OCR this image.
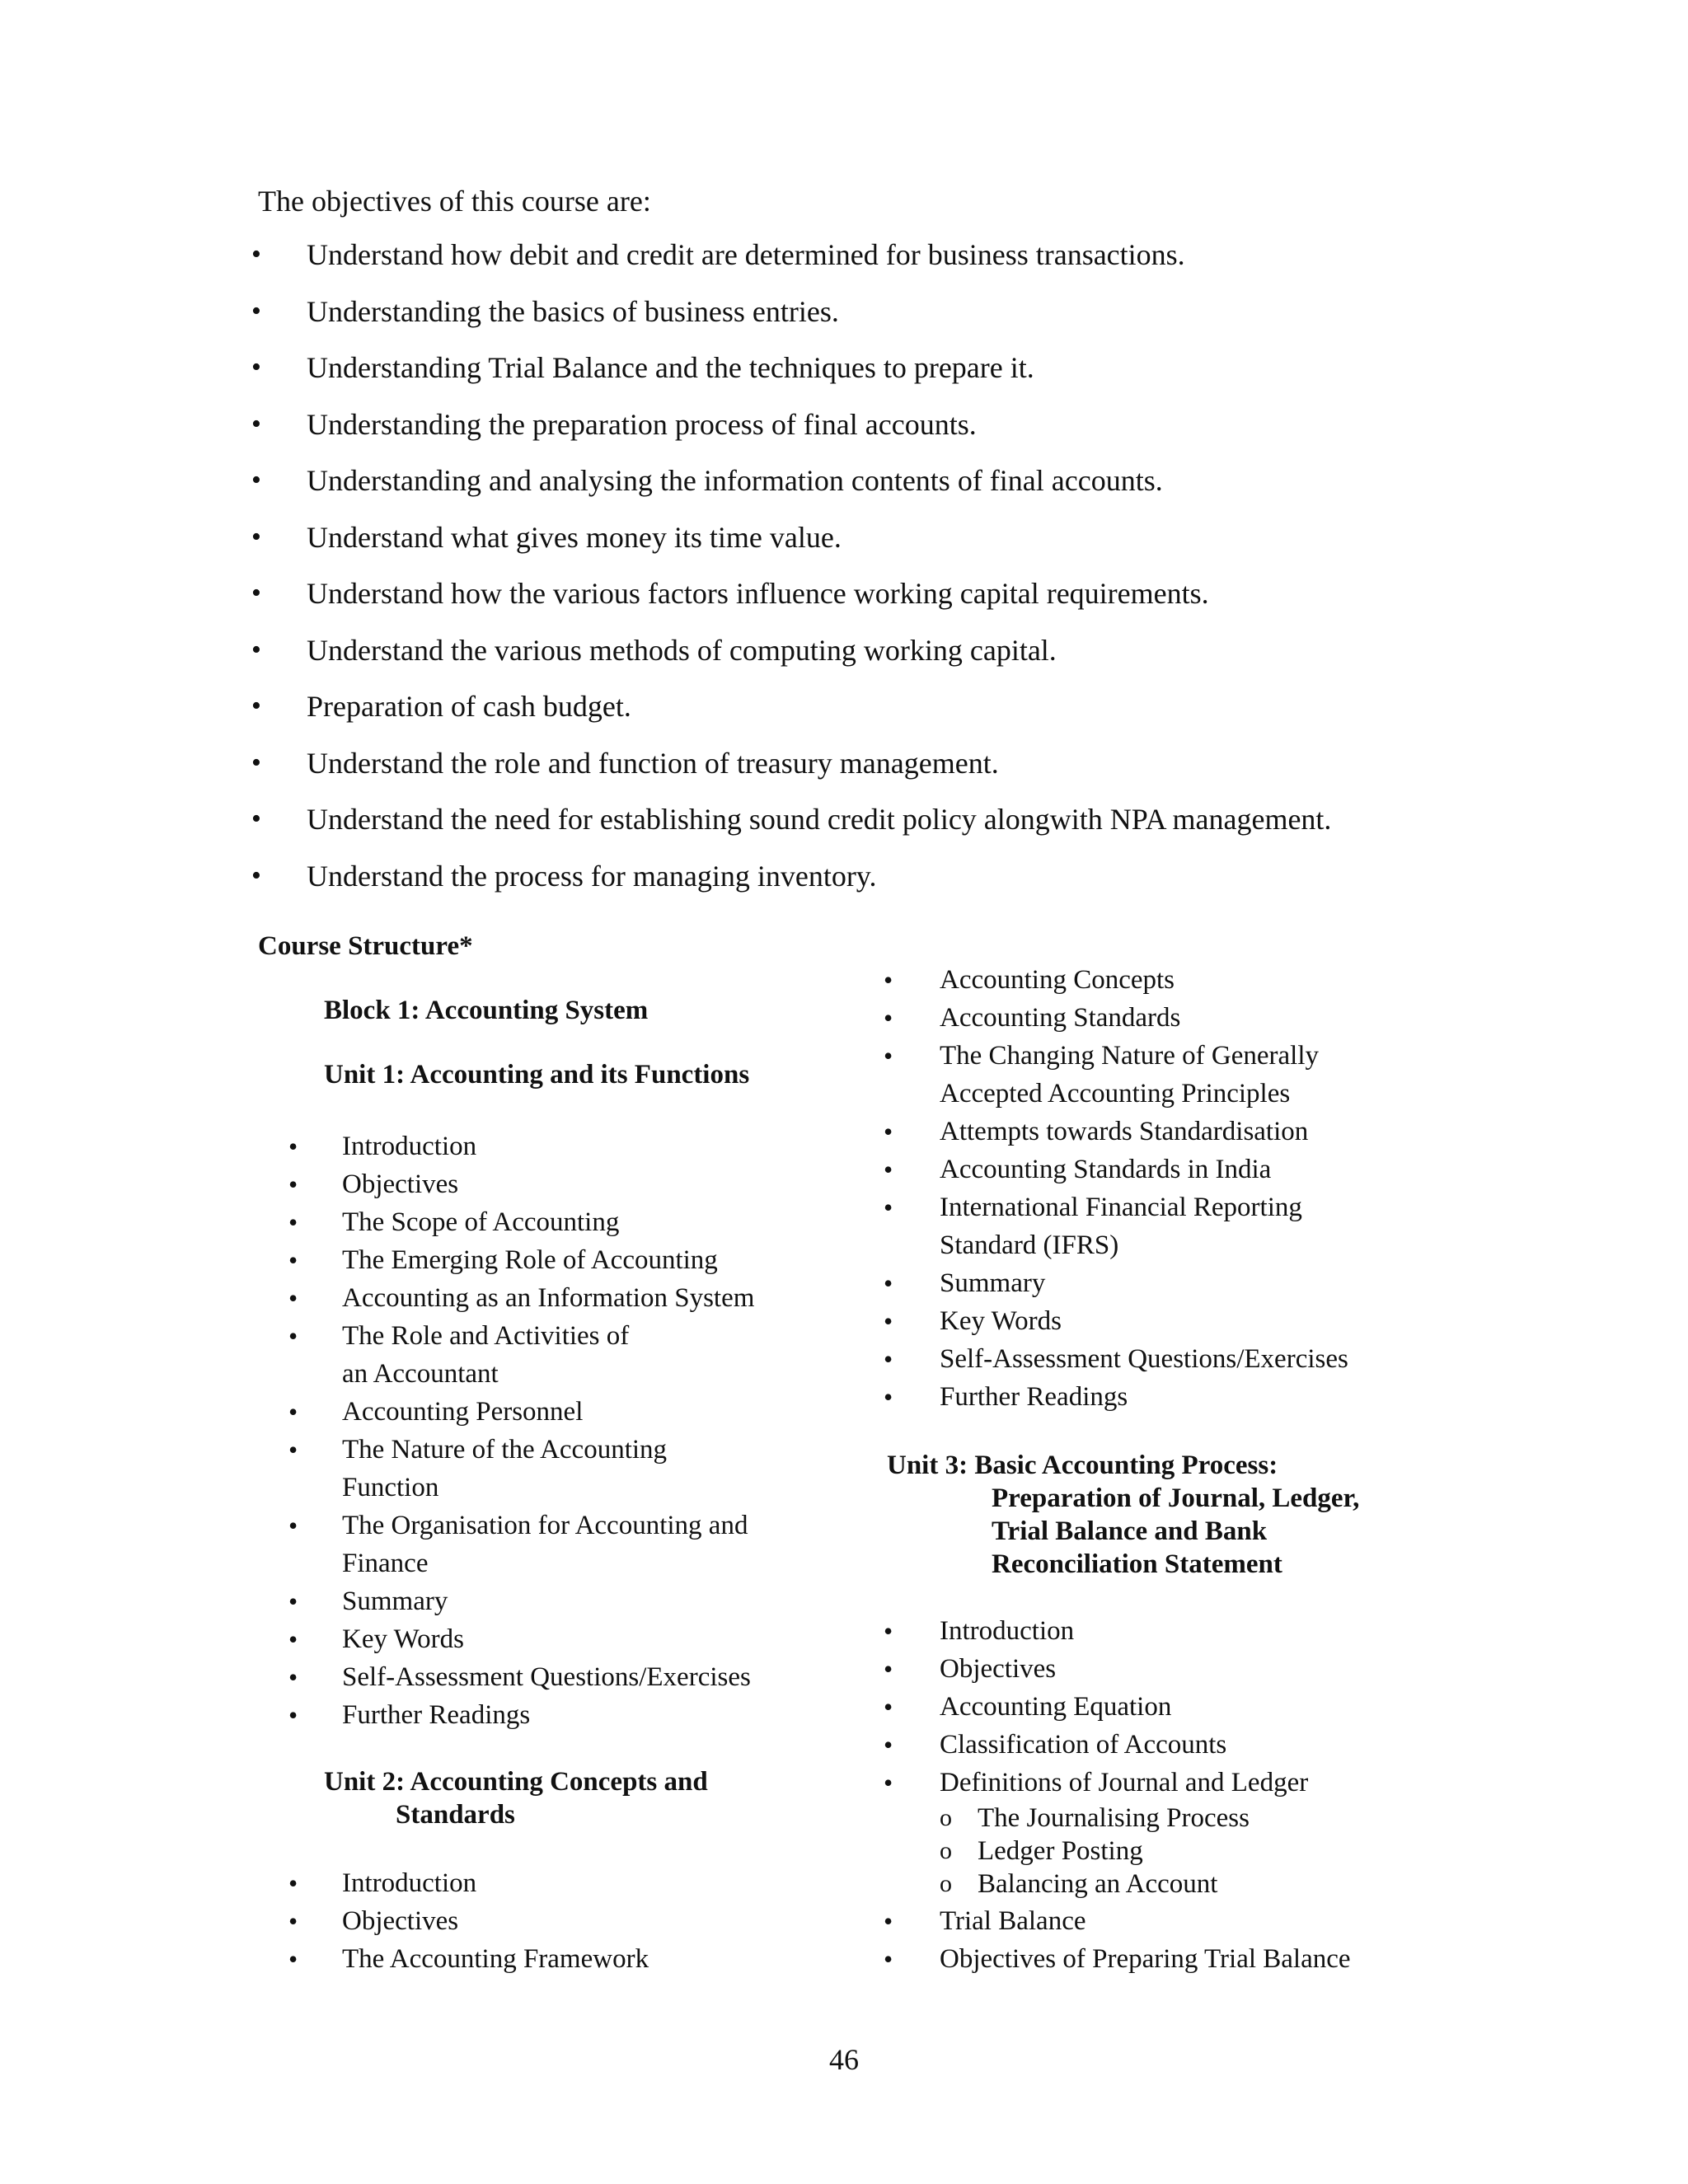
The objectives of this course are:
• Understand how debit and credit are determined for business transactions.
• Understanding the basics of business entries.
• Understanding Trial Balance and the techniques to prepare it.
• Understanding the preparation process of final accounts.
• Understanding and analysing the information contents of final accounts.
• Understand what gives money its time value.
• Understand how the various factors influence working capital requirements.
• Understand the various methods of computing working capital.
• Preparation of cash budget.
• Understand the role and function of treasury management.
• Understand the need for establishing sound credit policy alongwith NPA management.
• Understand the process for managing inventory.
Course Structure*
Block 1: Accounting System
Unit 1: Accounting and its Functions
• Introduction
• Objectives
• The Scope of Accounting
• The Emerging Role of Accounting
• Accounting as an Information System
• The Role and Activities of an Accountant
• Accounting Personnel
• The Nature of the Accounting Function
• The Organisation for Accounting and Finance
• Summary
• Key Words
• Self-Assessment Questions/Exercises
• Further Readings
Unit 2: Accounting Concepts and
Standards
• Introduction
• Objectives
• The Accounting Framework
• Accounting Concepts
• Accounting Standards
• The Changing Nature of Generally Accepted Accounting Principles
• Attempts towards Standardisation
• Accounting Standards in India
• International Financial Reporting Standard (IFRS)
• Summary
• Key Words
• Self-Assessment Questions/Exercises
• Further Readings
Unit 3: Basic Accounting Process:
Preparation of Journal, Ledger,
Trial Balance and Bank
Reconciliation Statement
• Introduction
• Objectives
• Accounting Equation
• Classification of Accounts
• Definitions of Journal and Ledger
o The Journalising Process
o Ledger Posting
o Balancing an Account
• Trial Balance
• Objectives of Preparing Trial Balance
46
